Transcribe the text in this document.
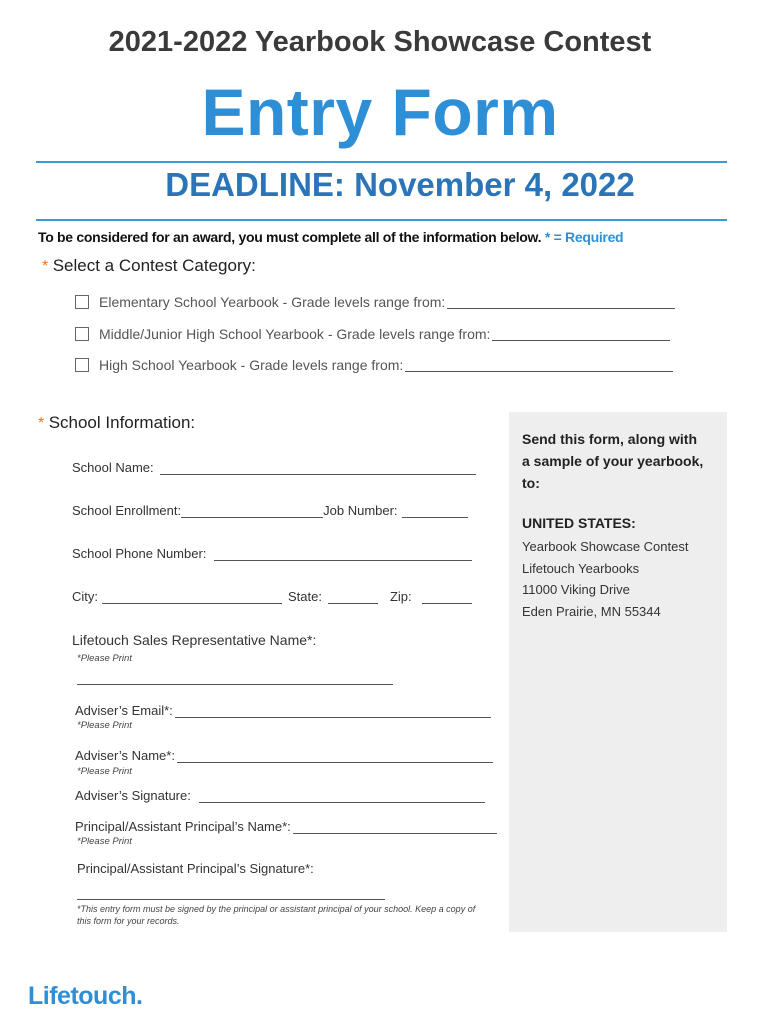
2021-2022 Yearbook Showcase Contest
Entry Form
DEADLINE: November 4, 2022
To be considered for an award, you must complete all of the information below. * = Required
* Select a Contest Category:
Elementary School Yearbook - Grade levels range from:
Middle/Junior High School Yearbook - Grade levels range from:
High School Yearbook - Grade levels range from:
* School Information:
School Name:
School Enrollment:	Job Number:
School Phone Number:
City:	State:	Zip:
Lifetouch Sales Representative Name*:
*Please Print
Adviser’s Email*:
*Please Print
Adviser’s Name*:
*Please Print
Adviser’s Signature:
Principal/Assistant Principal’s Name*:
*Please Print
Principal/Assistant Principal’s Signature*:
*This entry form must be signed by the principal or assistant principal of your school. Keep a copy of this form for your records.
Send this form, along with
a sample of your yearbook,
to:
UNITED STATES:
Yearbook Showcase Contest
Lifetouch Yearbooks
11000 Viking Drive
Eden Prairie, MN 55344
Lifetouch.
